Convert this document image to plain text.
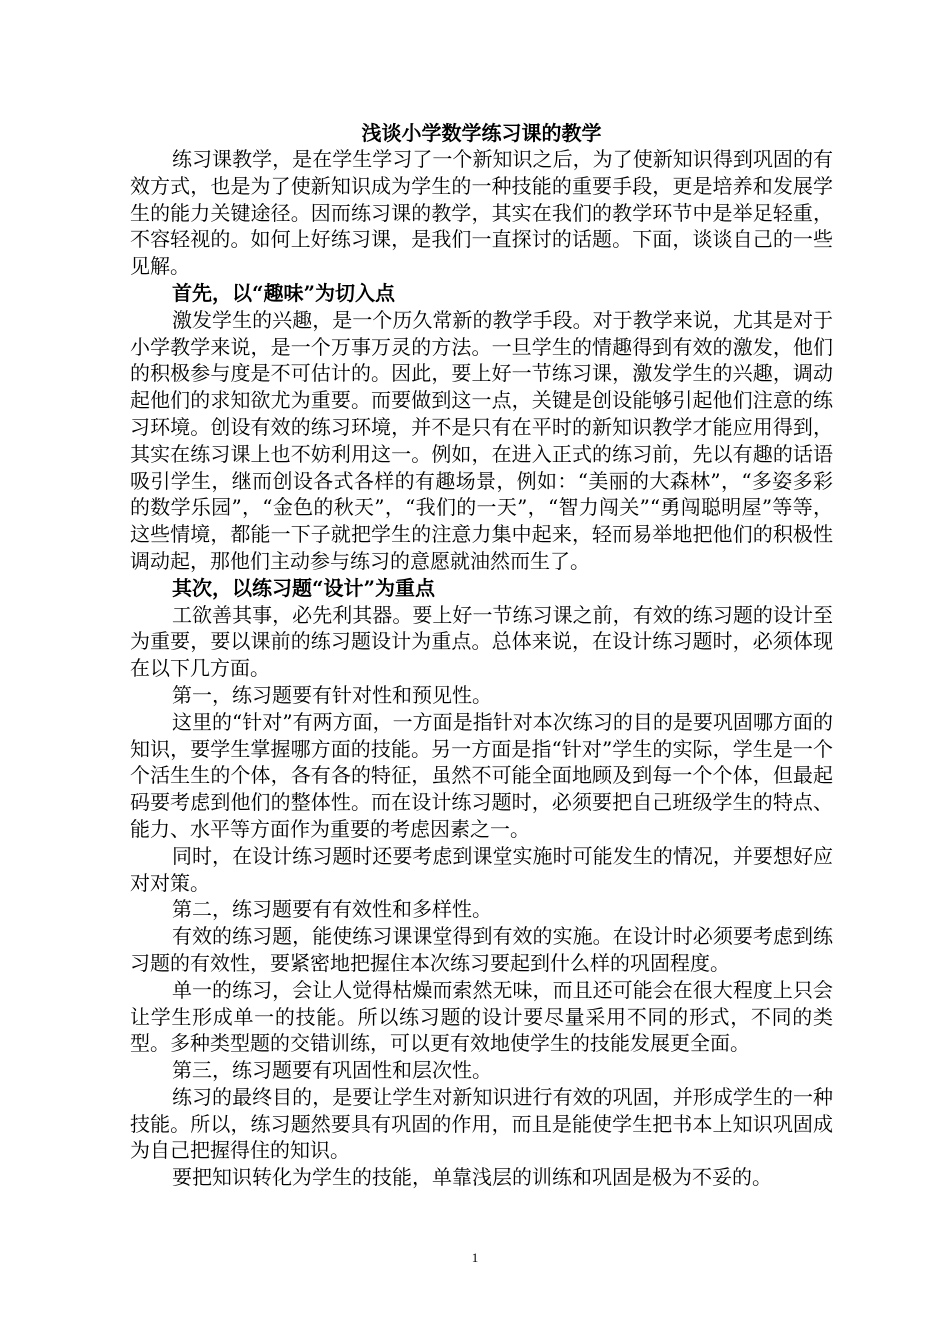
浅谈小学数学练习课的教学

练习课教学，是在学生学习了一个新知识之后，为了使新知识得到巩固的有效方式，也是为了使新知识成为学生的一种技能的重要手段，更是培养和发展学生的能力关键途径。因而练习课的教学，其实在我们的教学环节中是举足轻重，不容轻视的。如何上好练习课，是我们一直探讨的话题。下面，谈谈自己的一些见解。

首先，以“趣味”为切入点

激发学生的兴趣，是一个历久常新的教学手段。对于教学来说，尤其是对于小学教学来说，是一个万事万灵的方法。一旦学生的情趣得到有效的激发，他们的积极参与度是不可估计的。因此，要上好一节练习课，激发学生的兴趣，调动起他们的求知欲尤为重要。而要做到这一点，关键是创设能够引起他们注意的练习环境。创设有效的练习环境，并不是只有在平时的新知识教学才能应用得到，其实在练习课上也不妨利用这一。例如，在进入正式的练习前，先以有趣的话语吸引学生，继而创设各式各样的有趣场景，例如：“美丽的大森林”，“多姿多彩的数学乐园”，“金色的秋天”，“我们的一天”，“智力闯关”“勇闯聪明屋”等等，这些情境，都能一下子就把学生的注意力集中起来，轻而易举地把他们的积极性调动起，那他们主动参与练习的意愿就油然而生了。

其次，以练习题“设计”为重点

工欲善其事，必先利其器。要上好一节练习课之前，有效的练习题的设计至为重要，要以课前的练习题设计为重点。总体来说，在设计练习题时，必须体现在以下几方面。

第一，练习题要有针对性和预见性。

这里的“针对”有两方面，一方面是指针对本次练习的目的是要巩固哪方面的知识，要学生掌握哪方面的技能。另一方面是指“针对”学生的实际，学生是一个个活生生的个体，各有各的特征，虽然不可能全面地顾及到每一个个体，但最起码要考虑到他们的整体性。而在设计练习题时，必须要把自己班级学生的特点、能力、水平等方面作为重要的考虑因素之一。

同时，在设计练习题时还要考虑到课堂实施时可能发生的情况，并要想好应对对策。

第二，练习题要有有效性和多样性。

有效的练习题，能使练习课课堂得到有效的实施。在设计时必须要考虑到练习题的有效性，要紧密地把握住本次练习要起到什么样的巩固程度。

单一的练习，会让人觉得枯燥而索然无味，而且还可能会在很大程度上只会让学生形成单一的技能。所以练习题的设计要尽量采用不同的形式，不同的类型。多种类型题的交错训练，可以更有效地使学生的技能发展更全面。

第三，练习题要有巩固性和层次性。

练习的最终目的，是要让学生对新知识进行有效的巩固，并形成学生的一种技能。所以，练习题然要具有巩固的作用，而且是能使学生把书本上知识巩固成为自己把握得住的知识。

要把知识转化为学生的技能，单靠浅层的训练和巩固是极为不妥的。

1
